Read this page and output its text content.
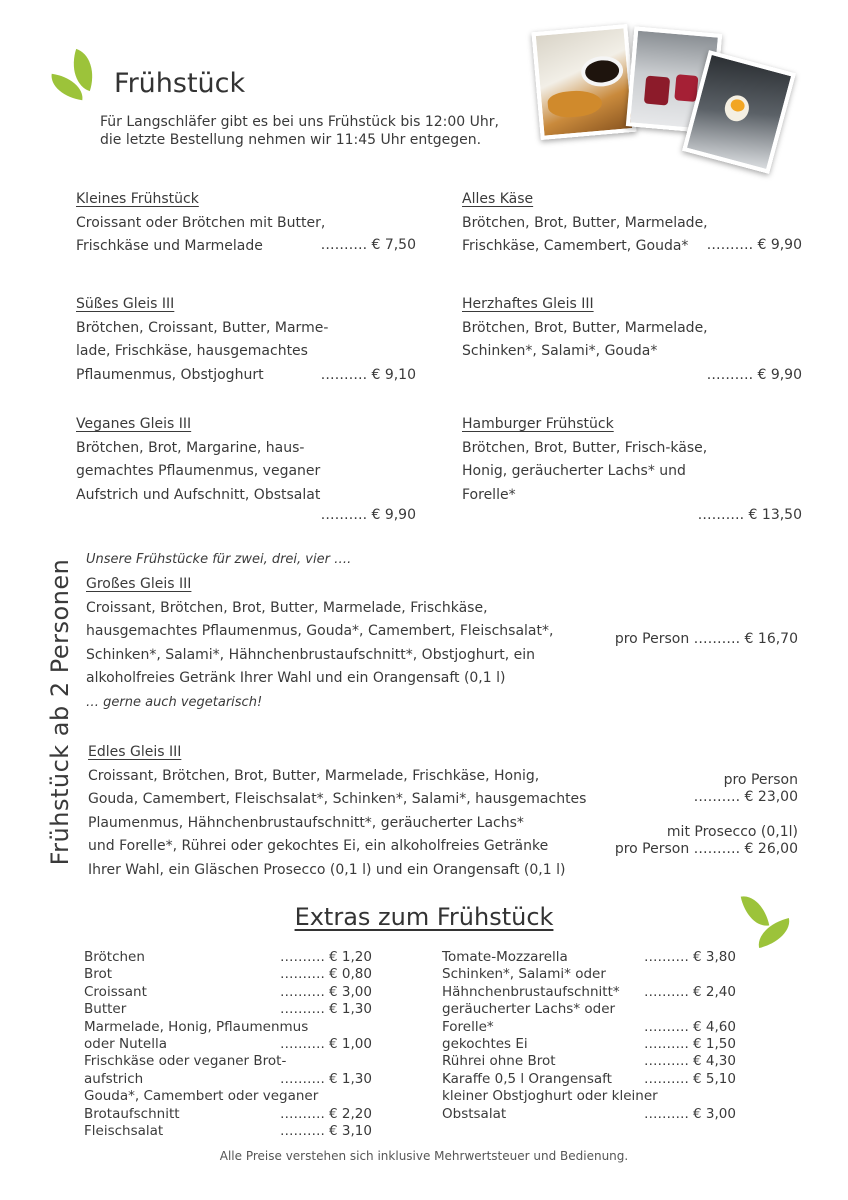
Frühstück
Für Langschläfer gibt es bei uns Frühstück bis 12:00 Uhr,
die letzte Bestellung nehmen wir 11:45 Uhr entgegen.
Kleines Frühstück
Croissant oder Brötchen mit Butter,
Frischkäse und Marmelade	………. € 7,50
Alles Käse
Brötchen, Brot, Butter, Marmelade,
Frischkäse, Camembert, Gouda*	………. € 9,90
Süßes Gleis III
Brötchen, Croissant, Butter, Marme-
lade, Frischkäse, hausgemachtes
Pflaumenmus, Obstjoghurt	………. € 9,10
Herzhaftes Gleis III
Brötchen, Brot, Butter, Marmelade,
Schinken*, Salami*, Gouda*
………. € 9,90
Veganes Gleis III
Brötchen, Brot, Margarine, haus-
gemachtes Pflaumenmus, veganer
Aufstrich und Aufschnitt, Obstsalat
………. € 9,90
Hamburger Frühstück
Brötchen, Brot, Butter, Frisch-käse,
Honig, geräucherter Lachs* und
Forelle*
………. € 13,50
Frühstück ab 2 Personen Unsere Frühstücke für zwei, drei, vier ….
Großes Gleis III
Croissant, Brötchen, Brot, Butter, Marmelade, Frischkäse,
hausgemachtes Pflaumenmus, Gouda*, Camembert, Fleischsalat*,
Schinken*, Salami*, Hähnchenbrustaufschnitt*, Obstjoghurt, ein
alkoholfreies Getränk Ihrer Wahl und ein Orangensaft (0,1 l)
… gerne auch vegetarisch!
pro Person ………. € 16,70
Edles Gleis III
Croissant, Brötchen, Brot, Butter, Marmelade, Frischkäse, Honig,
Gouda, Camembert, Fleischsalat*, Schinken*, Salami*, hausgemachtes
Plaumenmus, Hähnchenbrustaufschnitt*, geräucherter Lachs*
und Forelle*, Rührei oder gekochtes Ei, ein alkoholfreies Getränke
Ihrer Wahl, ein Gläschen Prosecco (0,1 l) und ein Orangensaft (0,1 l)
pro Person
………. € 23,00
mit Prosecco (0,1l)
pro Person ………. € 26,00
Extras zum Frühstück
Brötchen	………. € 1,20
Brot	………. € 0,80
Croissant	………. € 3,00
Butter	………. € 1,30
Marmelade, Honig, Pflaumenmus
oder Nutella	………. € 1,00
Frischkäse oder veganer Brot-
aufstrich	………. € 1,30
Gouda*, Camembert oder veganer
Brotaufschnitt	………. € 2,20
Fleischsalat	………. € 3,10
Tomate-Mozzarella	………. € 3,80
Schinken*, Salami* oder
Hähnchenbrustaufschnitt* ………. € 2,40
geräucherter Lachs* oder
Forelle*	………. € 4,60
gekochtes Ei	………. € 1,50
Rührei ohne Brot	………. € 4,30
Karaffe 0,5 l Orangensaft ………. € 5,10
kleiner Obstjoghurt oder kleiner
Obstsalat	………. € 3,00
Alle Preise verstehen sich inklusive Mehrwertsteuer und Bedienung.
